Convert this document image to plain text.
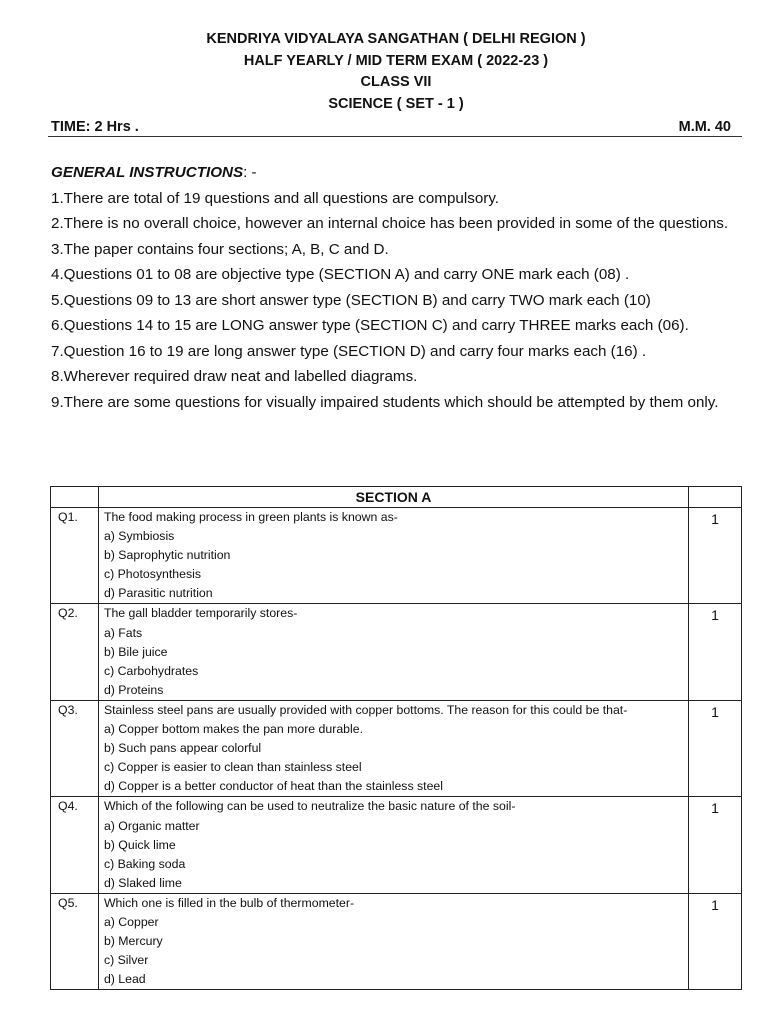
KENDRIYA VIDYALAYA SANGATHAN ( DELHI REGION )
HALF YEARLY / MID TERM EXAM ( 2022-23 )
CLASS VII
SCIENCE ( SET - 1 )
TIME: 2 Hrs .	M.M. 40

GENERAL INSTRUCTIONS: -

1.There are total of 19 questions and all questions are compulsory.

2.There is no overall choice, however an internal choice has been provided in some of the questions.

3.The paper contains four sections; A, B, C and D.

4.Questions 01 to 08 are objective type (SECTION A) and carry ONE mark each (08) .

5.Questions 09 to 13 are short answer type (SECTION B) and carry TWO mark each (10)

6.Questions 14 to 15 are LONG answer type (SECTION C) and carry THREE marks each (06).

7.Question 16 to 19 are long answer type (SECTION D) and carry four marks each (16) .

8.Wherever required draw neat and labelled diagrams.

9.There are some questions for visually impaired students which should be attempted by them only.

	SECTION A	
Q1.	The food making process in green plants is known as-
a) Symbiosis
b) Saprophytic nutrition
c) Photosynthesis
d) Parasitic nutrition	1
Q2.	The gall bladder temporarily stores-
a) Fats
b) Bile juice
c) Carbohydrates
d) Proteins	1
Q3.	Stainless steel pans are usually provided with copper bottoms. The reason for this could be that-
a) Copper bottom makes the pan more durable.
b) Such pans appear colorful
c) Copper is easier to clean than stainless steel
d) Copper is a better conductor of heat than the stainless steel	1
Q4.	Which of the following can be used to neutralize the basic nature of the soil-
a) Organic matter
b) Quick lime
c) Baking soda
d) Slaked lime	1
Q5.	Which one is filled in the bulb of thermometer-
a) Copper
b) Mercury
c) Silver
d) Lead	1
